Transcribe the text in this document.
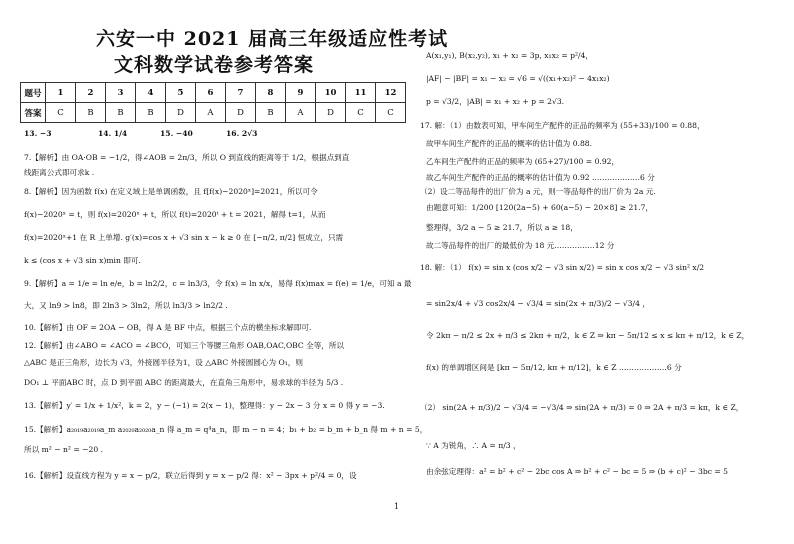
六安一中 2021 届高三年级适应性考试
文科数学试卷参考答案
题号	1	2	3	4	5	6	7	8	9	10	11	12
答案	C	B	B	B	D	A	D	B	A	D	C	C
13. −3	14. 1/4	15. −40	16. 2√3
7.【解析】由 OA·OB = −1/2，得∠AOB = 2π/3，所以 O 到直线的距离等于 1/2，根据点到直
线距离公式即可求k .
8.【解析】因为函数 f(x) 在定义域上是单调函数，且 f[f(x)−2020ˣ]=2021，所以可令
f(x)−2020ˣ = t，则 f(x)=2020ˣ + t，所以 f(t)=2020ᵗ + t = 2021，解得 t=1，从而
f(x)=2020ˣ+1 在 R 上单增. g′(x)=cos x + √3 sin x − k ≥ 0 在 [−π/2, π/2] 恒成立，只需
k ≤ (cos x + √3 sin x)min 即可.
9.【解析】a = 1/e = ln e/e，b = ln2/2，c = ln3/3，令 f(x) = ln x/x，易得 f(x)max = f(e) = 1/e，可知 a 最
大，又 ln9 > ln8，即 2ln3 > 3ln2，所以 ln3/3 > ln2/2 .
10.【解析】由 OF = 2OA − OB，得 A 是 BF 中点，根据三个点的横坐标求解即可.
12.【解析】由∠ABO = ∠ACO = ∠BCO，可知三个等腰三角形 OAB,OAC,OBC 全等，所以
△ABC 是正三角形，边长为 √3，外接圆半径为1，设 △ABC 外接圆圆心为 O₁，则
DO₁ ⊥ 平面ABC 时，点 D 到平面 ABC 的距离最大，在直角三角形中，易求球的半径为 5/3 .
13.【解析】y′ = 1/x + 1/x²，k = 2，y − (−1) = 2(x − 1)，整理得：y − 2x − 3 分 x = 0 得 y = −3.
15.【解析】a₂₀₁₉a₂₀₁₉a_m a₂₀₂₀a₂₀₂₀a_n 得 a_m = q⁴a_n，即 m − n = 4；b₁ + b₂ = b_m + b_n 得 m + n = 5，
所以 m² − n² = −20 .
16.【解析】设直线方程为 y = x − p/2，联立后得到 y = x − p/2 得：x² − 3px + p²/4 = 0，设
A(x₁,y₁), B(x₂,y₂), x₁ + x₂ = 3p, x₁x₂ = p²/4，
|AF| − |BF| = x₁ − x₂ = √6 = √((x₁+x₂)² − 4x₁x₂)
p = √3/2，|AB| = x₁ + x₂ + p = 2√3.
17. 解：（1）由数表可知，甲车间生产配件的正品的频率为 (55+33)/100 = 0.88，
故甲车间生产配件的正品的概率的估计值为 0.88.
乙车间生产配件的正品的频率为 (65+27)/100 = 0.92，
故乙车间生产配件的正品的概率的估计值为 0.92 .………………6 分
（2）设二等品每件的出厂价为 a 元，则一等品每件的出厂价为 2a 元.
由题意可知：1/200 [120(2a−5) + 60(a−5) − 20×8] ≥ 21.7，
整理得，3/2 a − 5 ≥ 21.7，所以 a ≥ 18，
故二等品每件的出厂的最低价为 18 元.……………12 分
18. 解：（1） f(x) = sin x (cos x/2 − √3 sin x/2) = sin x cos x/2 − √3 sin² x/2
= sin2x/4 + √3 cos2x/4 − √3/4 = sin(2x + π/3)/2 − √3/4 ，
令 2kπ − π/2 ≤ 2x + π/3 ≤ 2kπ + π/2，k ∈ Z ⇒ kπ − 5π/12 ≤ x ≤ kπ + π/12，k ∈ Z，
f(x) 的单调增区间是 [kπ − 5π/12, kπ + π/12]，k ∈ Z .………………6 分
（2） sin(2A + π/3)/2 − √3/4 = −√3/4 ⇒ sin(2A + π/3) = 0 ⇒ 2A + π/3 = kπ，k ∈ Z，
∵ A 为锐角，∴ A = π/3 ，
由余弦定理得：a² = b² + c² − 2bc cos A ⇒ b² + c² − bc = 5 ⇒ (b + c)² − 3bc = 5
1
